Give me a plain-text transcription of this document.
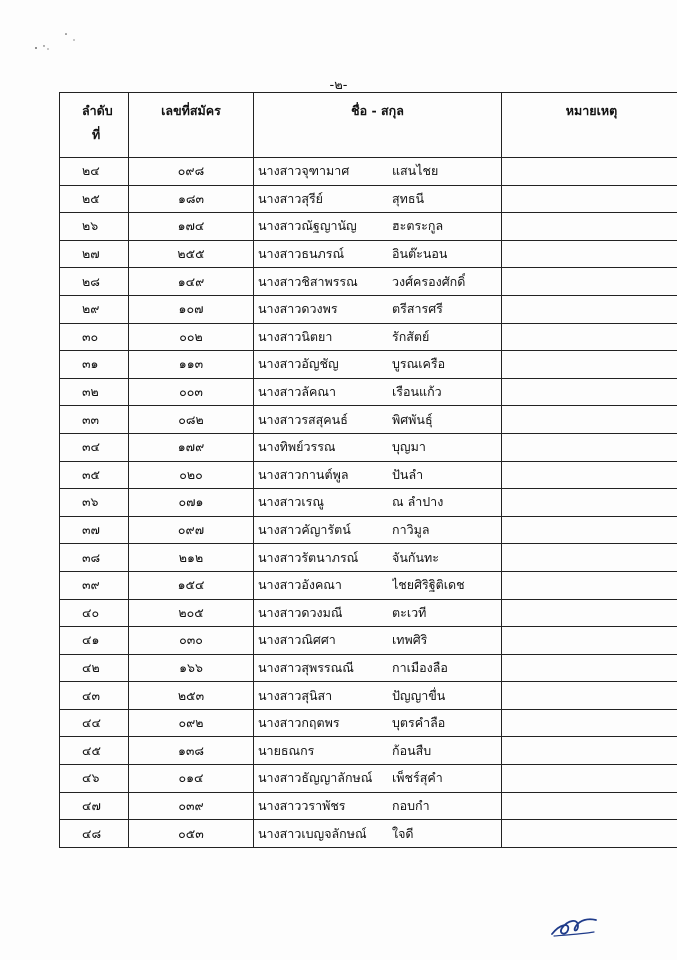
-๒-
ลำดับ
ที่	เลขที่สมัคร	ชื่อ - สกุล	หมายเหตุ
๒๔	๐๙๘	นางสาวจุฑามาศ แสนไชย	

๒๕	๑๘๓	นางสาวสุรีย์ สุทธนี	

๒๖	๑๗๔	นางสาวณัฐญานัญ ฮะตระกูล	

๒๗	๒๕๕	นางสาวธนภรณ์ อินต๊ะนอน	

๒๘	๑๔๙	นางสาวชิสาพรรณ วงศ์ครองศักดิ์	

๒๙	๑๐๗	นางสาวดวงพร ตรีสารศรี	

๓๐	๐๐๒	นางสาวนิตยา รักสัตย์	

๓๑	๑๑๓	นางสาวอัญชัญ บูรณเครือ	

๓๒	๐๐๓	นางสาวลัคณา เรือนแก้ว	

๓๓	๐๘๒	นางสาวรสสุคนธ์ พิศพันธุ์	

๓๔	๑๗๙	นางทิพย์วรรณ บุญมา	

๓๕	๐๒๐	นางสาวกานต์พูล ปันลำ	

๓๖	๐๗๑	นางสาวเรณู ณ ลำปาง	

๓๗	๐๙๗	นางสาวคัญารัตน์ กาวิมูล	

๓๘	๒๑๒	นางสาวรัตนาภรณ์ จันกันทะ	

๓๙	๑๕๔	นางสาวอังคณา ไชยศิริฐิติเดช	

๔๐	๒๐๕	นางสาวดวงมณี ตะเวที	

๔๑	๐๓๐	นางสาวณิศศา เทพศิริ	

๔๒	๑๖๖	นางสาวสุพรรณณี กาเมืองลือ	

๔๓	๒๕๓	นางสาวสุนิสา ปัญญาขื่น	

๔๔	๐๙๒	นางสาวกฤตพร บุตรคำลือ	

๔๕	๑๓๘	นายธณกร ก้อนสืบ	

๔๖	๐๑๔	นางสาวธัญญาลักษณ์ เพ็ชร์สุคำ	

๔๗	๐๓๙	นางสาววราพัชร กอบกำ	

๔๘	๐๕๓	นางสาวเบญจลักษณ์ ใจดี	
